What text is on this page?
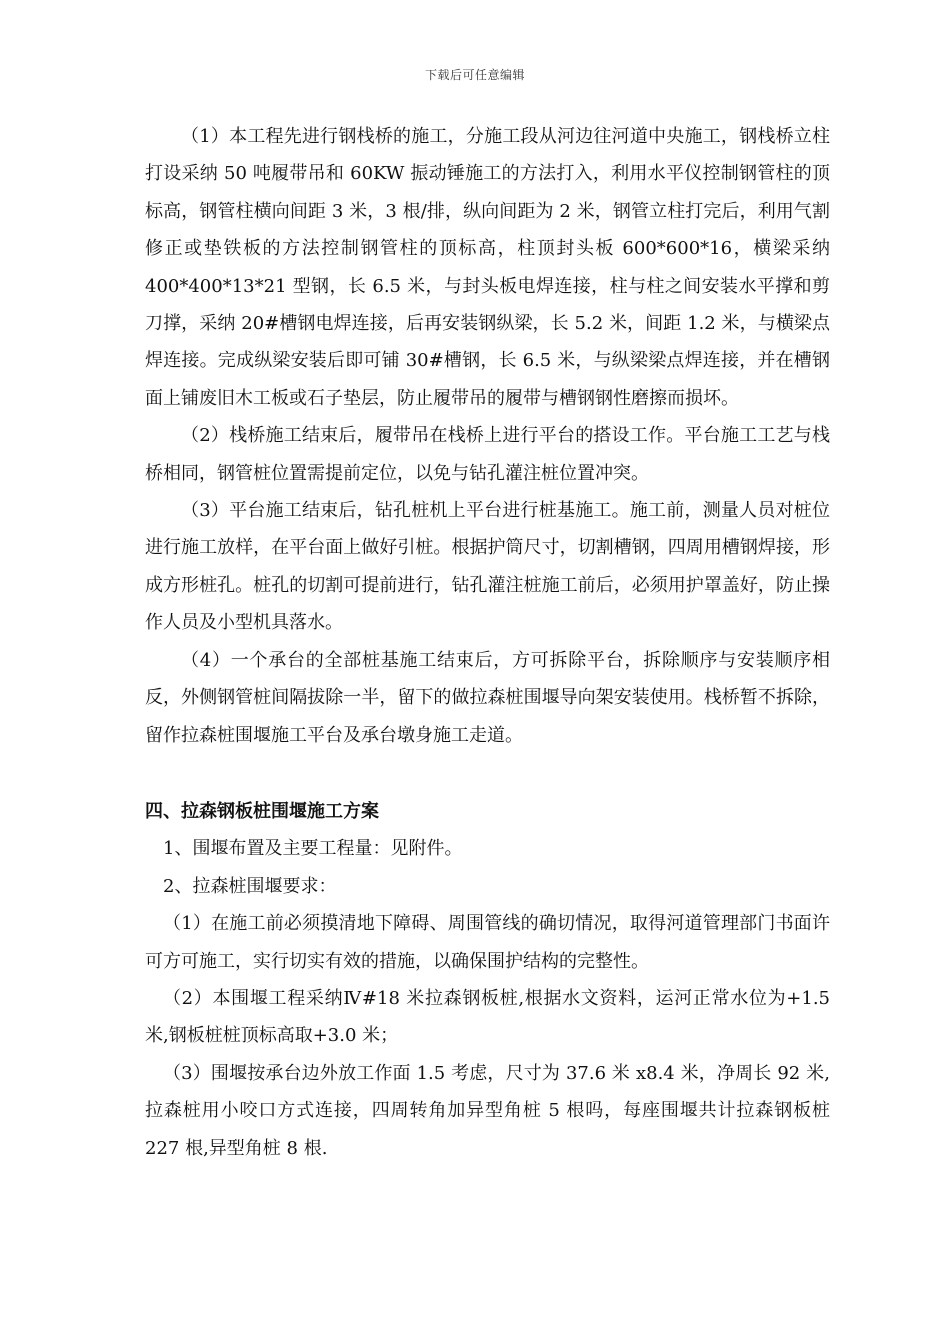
下载后可任意编辑

（1）本工程先进行钢栈桥的施工，分施工段从河边往河道中央施工，钢栈桥立柱打设采纳 50 吨履带吊和 60KW 振动锤施工的方法打入，利用水平仪控制钢管柱的顶标高，钢管柱横向间距 3 米，3 根/排，纵向间距为 2 米，钢管立柱打完后，利用气割修正或垫铁板的方法控制钢管柱的顶标高，柱顶封头板 600*600*16，横梁采纳 400*400*13*21 型钢，长 6.5 米，与封头板电焊连接，柱与柱之间安装水平撑和剪刀撑，采纳 20#槽钢电焊连接，后再安装钢纵梁，长 5.2 米，间距 1.2 米，与横梁点焊连接。完成纵梁安装后即可铺 30#槽钢，长 6.5 米，与纵梁梁点焊连接，并在槽钢面上铺废旧木工板或石子垫层，防止履带吊的履带与槽钢钢性磨擦而损坏。

（2）栈桥施工结束后，履带吊在栈桥上进行平台的搭设工作。平台施工工艺与栈桥相同，钢管桩位置需提前定位，以免与钻孔灌注桩位置冲突。

（3）平台施工结束后，钻孔桩机上平台进行桩基施工。施工前，测量人员对桩位进行施工放样，在平台面上做好引桩。根据护筒尺寸，切割槽钢，四周用槽钢焊接，形成方形桩孔。桩孔的切割可提前进行，钻孔灌注桩施工前后，必须用护罩盖好，防止操作人员及小型机具落水。

（4）一个承台的全部桩基施工结束后，方可拆除平台，拆除顺序与安装顺序相反，外侧钢管桩间隔拔除一半，留下的做拉森桩围堰导向架安装使用。栈桥暂不拆除，留作拉森桩围堰施工平台及承台墩身施工走道。

四、拉森钢板桩围堰施工方案

1、围堰布置及主要工程量：见附件。

2、拉森桩围堰要求：

（1）在施工前必须摸清地下障碍、周围管线的确切情况，取得河道管理部门书面许可方可施工，实行切实有效的措施，以确保围护结构的完整性。

（2）本围堰工程采纳Ⅳ#18 米拉森钢板桩,根据水文资料，运河正常水位为+1.5米,钢板桩桩顶标高取+3.0 米；

（3）围堰按承台边外放工作面 1.5 考虑，尺寸为 37.6 米 x8.4 米，净周长 92 米,拉森桩用小咬口方式连接，四周转角加异型角桩 5 根吗，每座围堰共计拉森钢板桩 227 根,异型角桩 8 根.
